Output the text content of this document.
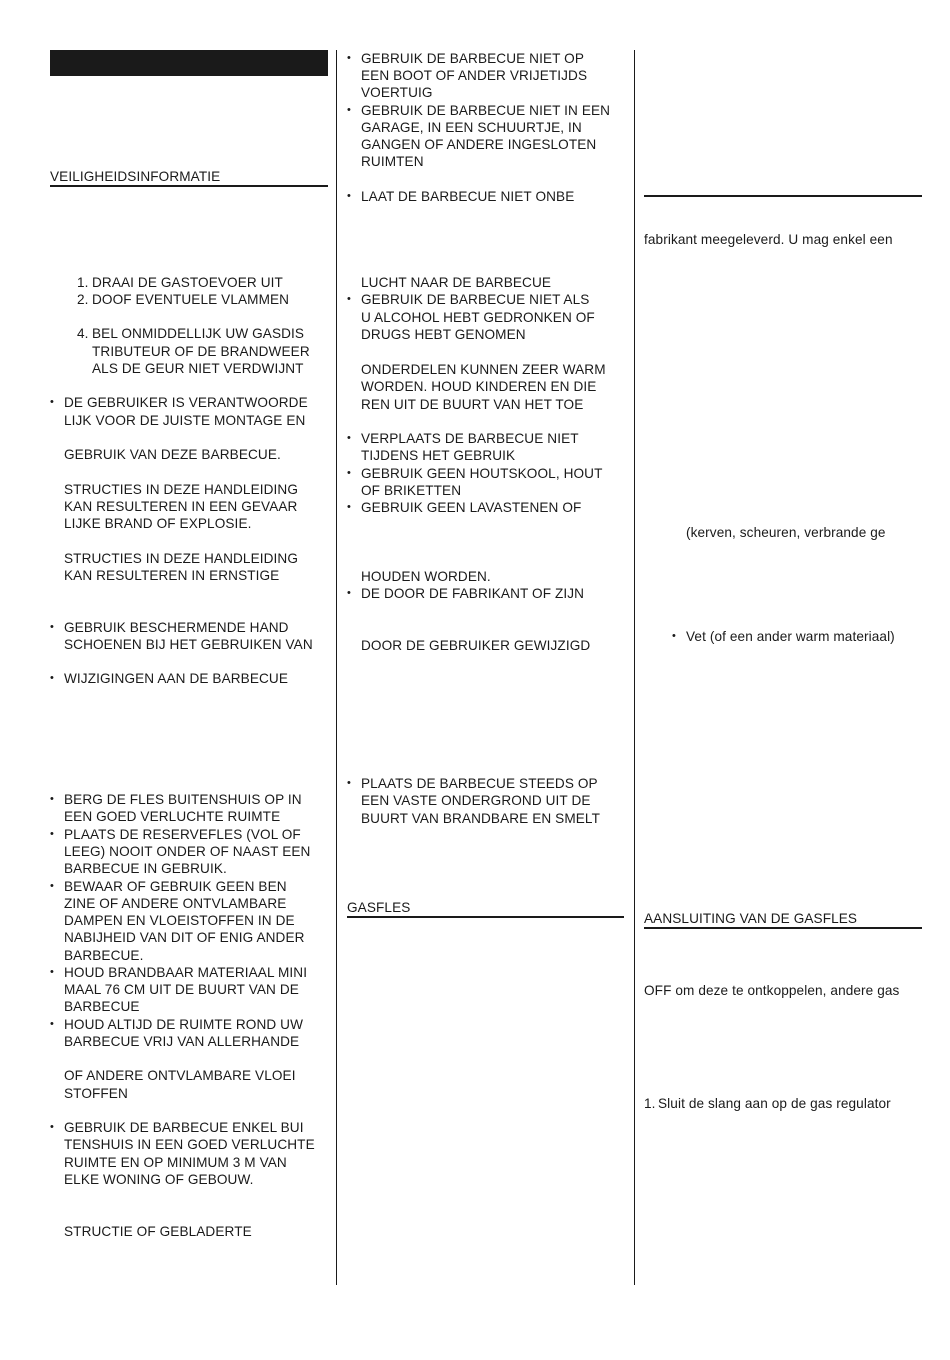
VEILIGHEIDSINFORMATIE
1. DRAAI DE GASTOEVOER UIT
2. DOOF EVENTUELE VLAMMEN
4. BEL ONMIDDELLIJK UW GASDIS
TRIBUTEUR OF DE BRANDWEER
ALS DE GEUR NIET VERDWIJNT
• DE GEBRUIKER IS VERANTWOORDE
LIJK VOOR DE JUISTE MONTAGE EN
GEBRUIK VAN DEZE BARBECUE.
STRUCTIES IN DEZE HANDLEIDING
KAN RESULTEREN IN EEN GEVAAR
LIJKE BRAND OF EXPLOSIE.
STRUCTIES IN DEZE HANDLEIDING
KAN RESULTEREN IN ERNSTIGE
• GEBRUIK BESCHERMENDE HAND
SCHOENEN BIJ HET GEBRUIKEN VAN
• WIJZIGINGEN AAN DE BARBECUE
• BERG DE FLES BUITENSHUIS OP IN
EEN GOED VERLUCHTE RUIMTE
• PLAATS DE RESERVEFLES (VOL OF
LEEG) NOOIT ONDER OF NAAST EEN
BARBECUE IN GEBRUIK.
• BEWAAR OF GEBRUIK GEEN BEN
ZINE OF ANDERE ONTVLAMBARE
DAMPEN EN VLOEISTOFFEN IN DE
NABIJHEID VAN DIT OF ENIG ANDER
BARBECUE.
• HOUD BRANDBAAR MATERIAAL MINI
MAAL 76 CM UIT DE BUURT VAN DE
BARBECUE
• HOUD ALTIJD DE RUIMTE ROND UW
BARBECUE VRIJ VAN ALLERHANDE
OF ANDERE ONTVLAMBARE VLOEI
STOFFEN
• GEBRUIK DE BARBECUE ENKEL BUI
TENSHUIS IN EEN GOED VERLUCHTE
RUIMTE EN OP MINIMUM 3 M VAN
ELKE WONING OF GEBOUW.
STRUCTIE OF GEBLADERTE
• GEBRUIK DE BARBECUE NIET OP
EEN BOOT OF ANDER VRIJETIJDS
VOERTUIG
• GEBRUIK DE BARBECUE NIET IN EEN
GARAGE, IN EEN SCHUURTJE, IN
GANGEN OF ANDERE INGESLOTEN
RUIMTEN
• LAAT DE BARBECUE NIET ONBE
LUCHT NAAR DE BARBECUE
• GEBRUIK DE BARBECUE NIET ALS
U ALCOHOL HEBT GEDRONKEN OF
DRUGS HEBT GENOMEN
ONDERDELEN KUNNEN ZEER WARM
WORDEN. HOUD KINDEREN EN DIE
REN UIT DE BUURT VAN HET TOE
• VERPLAATS DE BARBECUE NIET
TIJDENS HET GEBRUIK
• GEBRUIK GEEN HOUTSKOOL, HOUT
OF BRIKETTEN
• GEBRUIK GEEN LAVASTENEN OF
HOUDEN WORDEN.
• DE DOOR DE FABRIKANT OF ZIJN
DOOR DE GEBRUIKER GEWIJZIGD
• PLAATS DE BARBECUE STEEDS OP
EEN VASTE ONDERGROND UIT DE
BUURT VAN BRANDBARE EN SMELT
GASFLES
fabrikant meegeleverd. U mag enkel een
(kerven, scheuren, verbrande ge
• Vet (of een ander warm materiaal)
AANSLUITING VAN DE GASFLES
OFF om deze te ontkoppelen, andere gas
1. Sluit de slang aan op de gas regulator
